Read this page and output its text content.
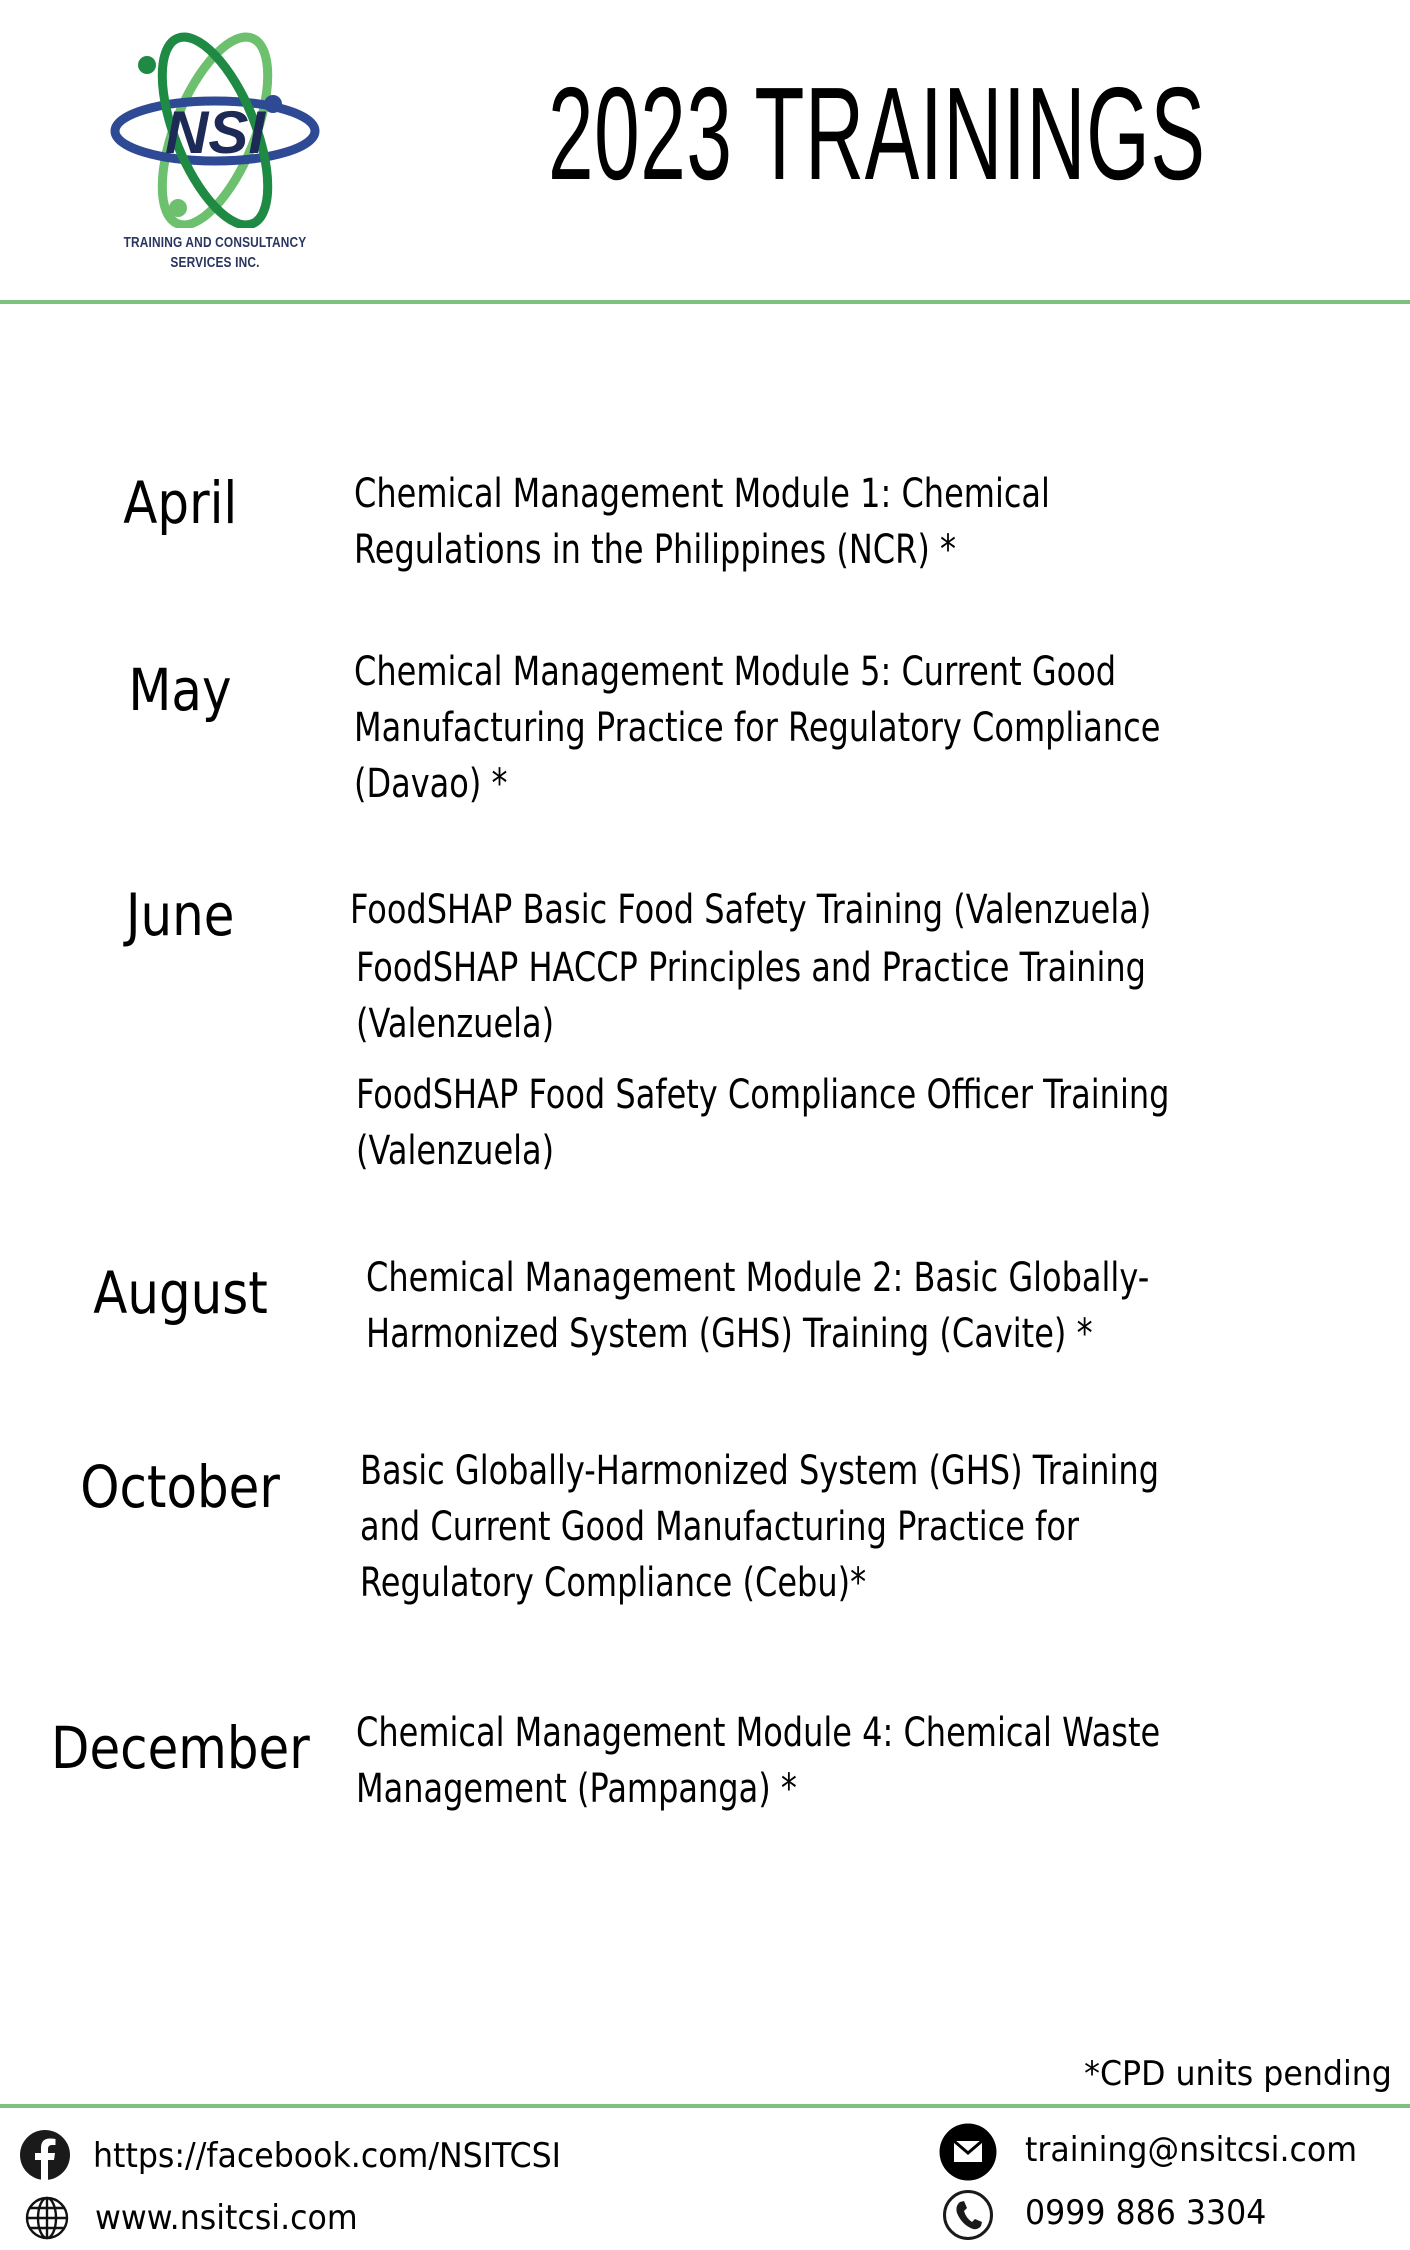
NSI
TRAINING AND CONSULTANCY
SERVICES INC.
2023 TRAININGS
April	Chemical Management Module 1: Chemical
Regulations in the Philippines (NCR) *
May	Chemical Management Module 5: Current Good
Manufacturing Practice for Regulatory Compliance
(Davao) *
June	FoodSHAP Basic Food Safety Training (Valenzuela)
FoodSHAP HACCP Principles and Practice Training
(Valenzuela)
FoodSHAP Food Safety Compliance Officer Training
(Valenzuela)
August	Chemical Management Module 2: Basic Globally-
Harmonized System (GHS) Training (Cavite) *
October	Basic Globally-Harmonized System (GHS) Training
and Current Good Manufacturing Practice for
Regulatory Compliance (Cebu)*
December	Chemical Management Module 4: Chemical Waste
Management (Pampanga) *
*CPD units pending
https://facebook.com/NSITCSI
www.nsitcsi.com
training@nsitcsi.com
0999 886 3304
